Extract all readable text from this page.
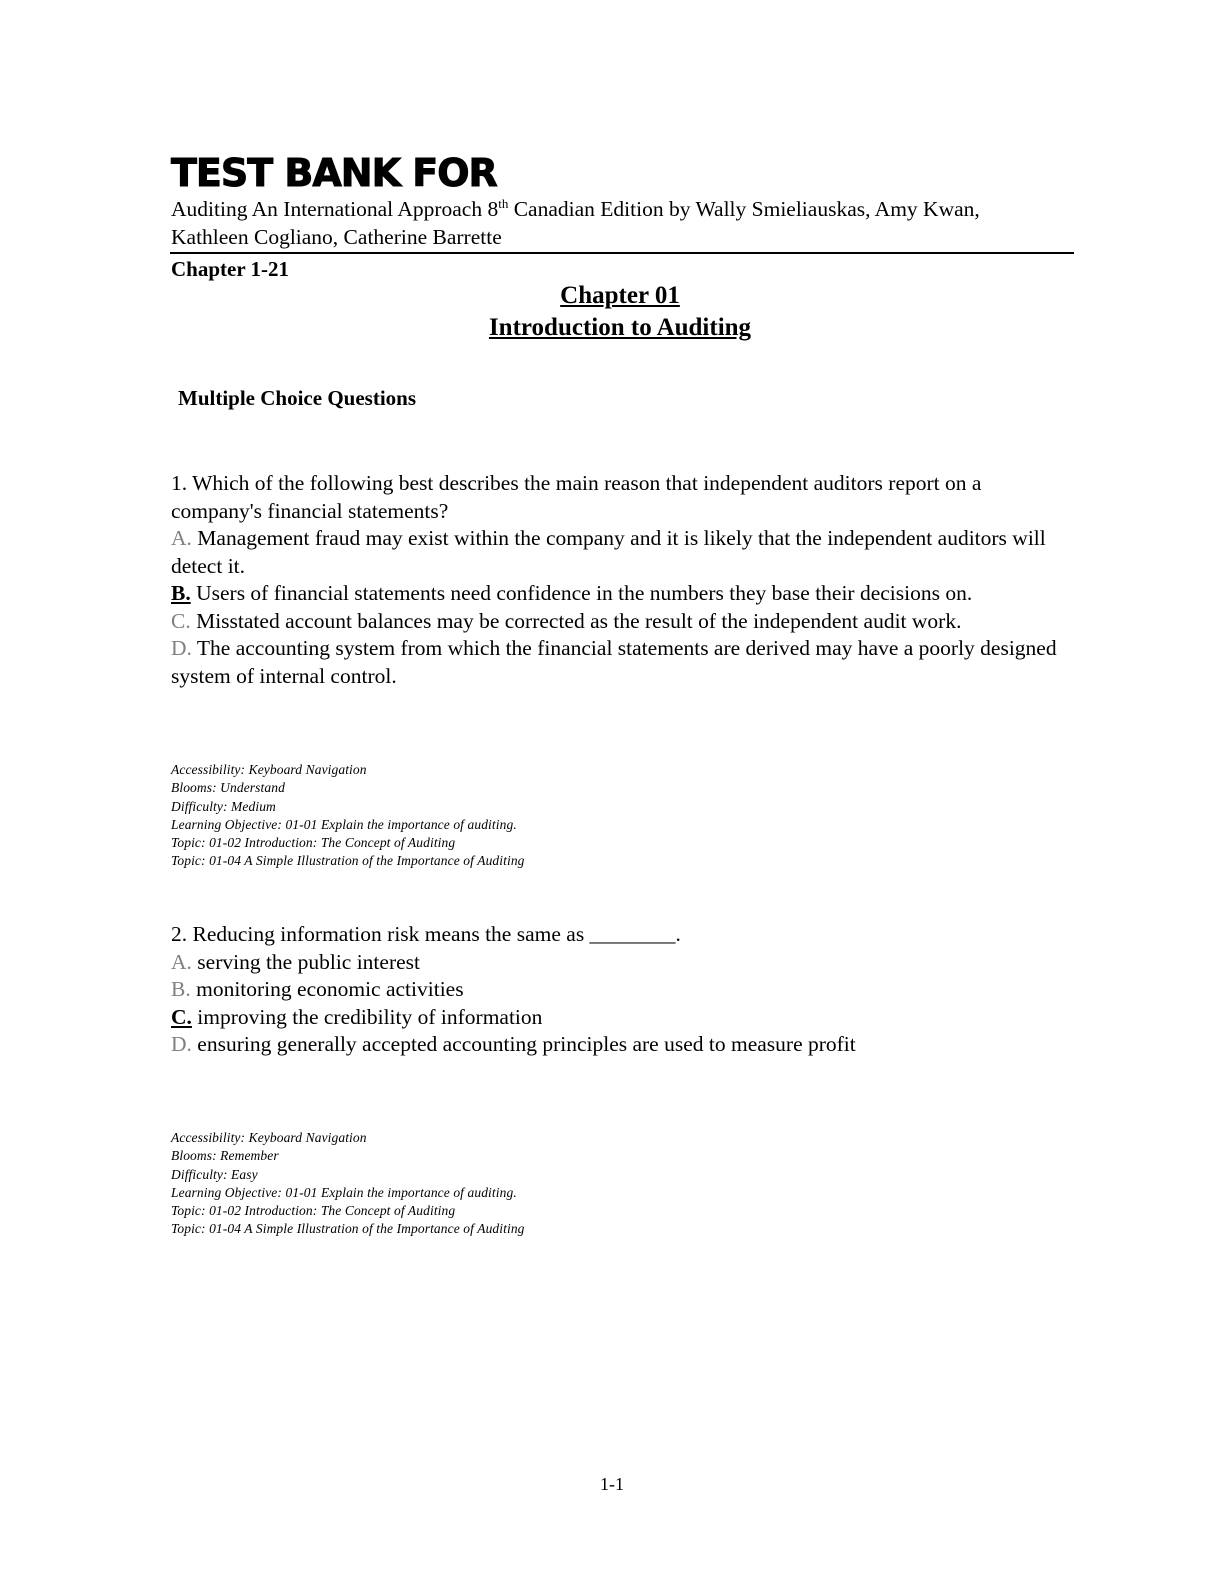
TEST BANK FOR
Auditing An International Approach 8th Canadian Edition by Wally Smieliauskas, Amy Kwan, Kathleen Cogliano, Catherine Barrette
Chapter 1-21
Chapter 01
Introduction to Auditing
Multiple Choice Questions

1. Which of the following best describes the main reason that independent auditors report on a company's financial statements?

A. Management fraud may exist within the company and it is likely that the independent auditors will detect it.

B. Users of financial statements need confidence in the numbers they base their decisions on.

C. Misstated account balances may be corrected as the result of the independent audit work.

D. The accounting system from which the financial statements are derived may have a poorly designed system of internal control.

Accessibility: Keyboard Navigation
Blooms: Understand
Difficulty: Medium
Learning Objective: 01-01 Explain the importance of auditing.
Topic: 01-02 Introduction: The Concept of Auditing
Topic: 01-04 A Simple Illustration of the Importance of Auditing

2. Reducing information risk means the same as ________.

A. serving the public interest

B. monitoring economic activities

C. improving the credibility of information

D. ensuring generally accepted accounting principles are used to measure profit

Accessibility: Keyboard Navigation
Blooms: Remember
Difficulty: Easy
Learning Objective: 01-01 Explain the importance of auditing.
Topic: 01-02 Introduction: The Concept of Auditing
Topic: 01-04 A Simple Illustration of the Importance of Auditing
1-1
